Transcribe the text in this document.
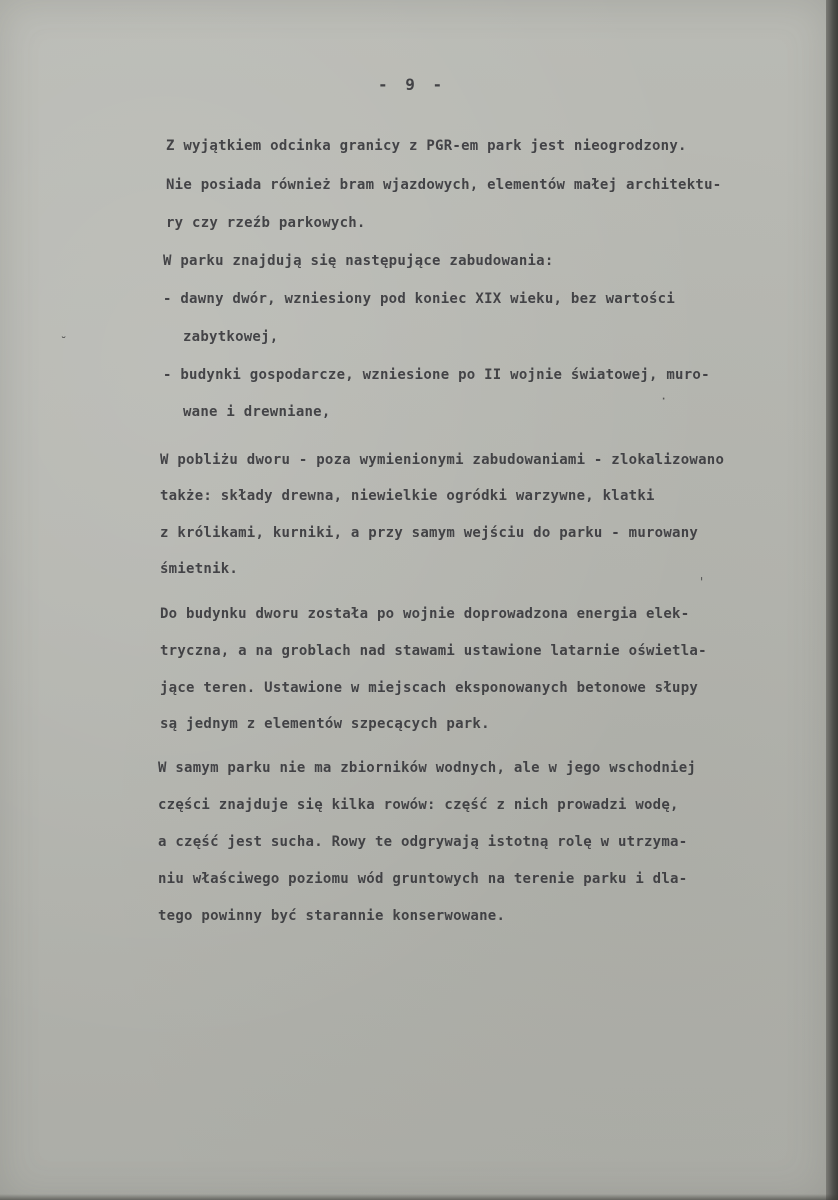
- 9 -
Z wyjątkiem odcinka granicy z PGR-em park jest nieogrodzony.
Nie posiada również bram wjazdowych, elementów małej architektu-
ry czy rzeźb parkowych.
W parku znajdują się następujące zabudowania:
- dawny dwór, wzniesiony pod koniec XIX wieku, bez wartości
zabytkowej,
- budynki gospodarcze, wzniesione po II wojnie światowej, muro-
wane i drewniane,
W pobliżu dworu - poza wymienionymi zabudowaniami - zlokalizowano
także: składy drewna, niewielkie ogródki warzywne, klatki
z królikami, kurniki, a przy samym wejściu do parku - murowany
śmietnik.
Do budynku dworu została po wojnie doprowadzona energia elek-
tryczna, a na groblach nad stawami ustawione latarnie oświetla-
jące teren. Ustawione w miejscach eksponowanych betonowe słupy
są jednym z elementów szpecących park.
W samym parku nie ma zbiorników wodnych, ale w jego wschodniej
części znajduje się kilka rowów: część z nich prowadzi wodę,
a część jest sucha. Rowy te odgrywają istotną rolę w utrzyma-
niu właściwego poziomu wód gruntowych na terenie parku i dla-
tego powinny być starannie konserwowane.
˘
·
'
